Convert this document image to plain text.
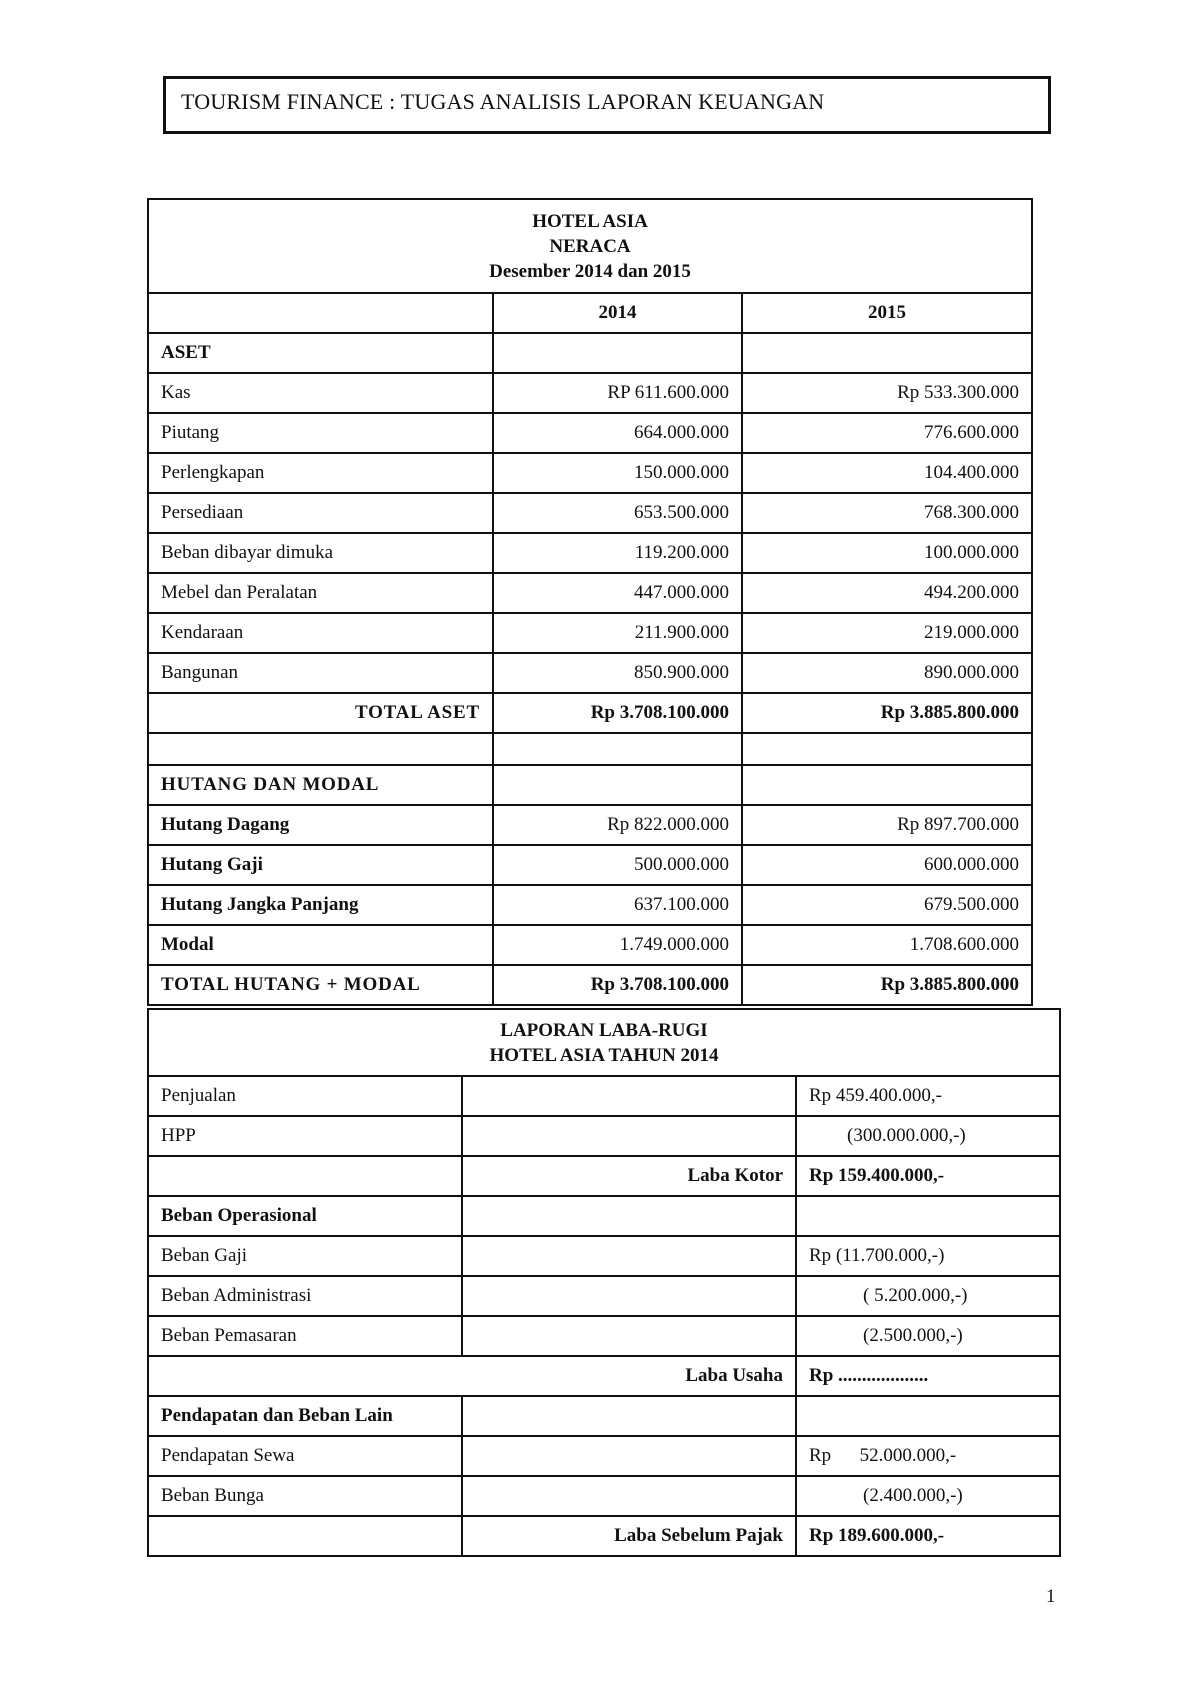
TOURISM FINANCE : TUGAS ANALISIS LAPORAN KEUANGAN
HOTEL ASIA
NERACA
Desember 2014 dan 2015		
	2014	2015
ASET		
Kas	RP 611.600.000	Rp 533.300.000
Piutang	664.000.000	776.600.000
Perlengkapan	150.000.000	104.400.000
Persediaan	653.500.000	768.300.000
Beban dibayar dimuka	119.200.000	100.000.000
Mebel dan Peralatan	447.000.000	494.200.000
Kendaraan	211.900.000	219.000.000
Bangunan	850.900.000	890.000.000
TOTAL ASET	Rp 3.708.100.000	Rp 3.885.800.000

HUTANG DAN MODAL		
Hutang Dagang	Rp 822.000.000	Rp 897.700.000
Hutang Gaji	500.000.000	600.000.000
Hutang Jangka Panjang	637.100.000	679.500.000
Modal	1.749.000.000	1.708.600.000
TOTAL HUTANG + MODAL	Rp 3.708.100.000	Rp 3.885.800.000
LAPORAN LABA-RUGI
HOTEL ASIA TAHUN 2014		
Penjualan		Rp 459.400.000,-
HPP		(300.000.000,-)
	Laba Kotor	Rp 159.400.000,-
Beban Operasional		
Beban Gaji		Rp (11.700.000,-)
Beban Administrasi		( 5.200.000,-)
Beban Pemasaran		(2.500.000,-)
Laba Usaha		Rp ...................
Pendapatan dan Beban Lain		
Pendapatan Sewa		Rp      52.000.000,-
Beban Bunga		(2.400.000,-)
	Laba Sebelum Pajak	Rp 189.600.000,-
1
